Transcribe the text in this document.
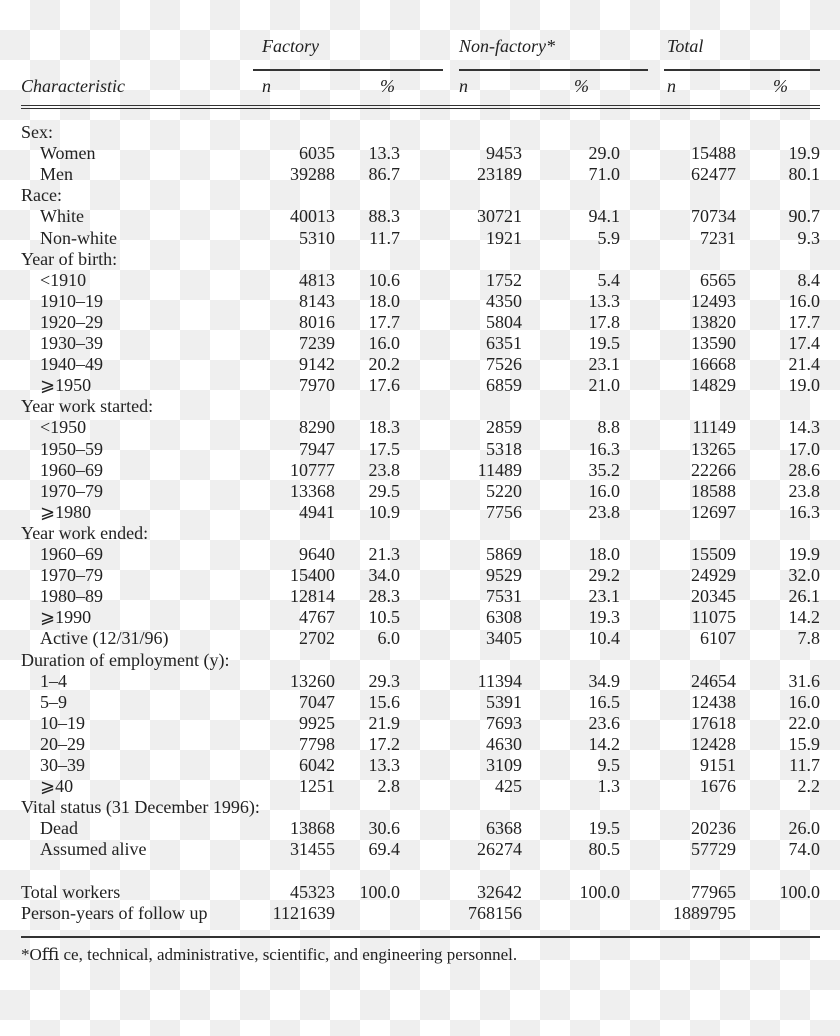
Factory	Non-factory*	Total
Characteristic	n	%	n	%	n	%
Sex:
Women	6035 13.3	9453	29.0	15488	19.9
Men	39288 86.7	23189	71.0	62477	80.1
Race:
White	40013 88.3	30721	94.1	70734	90.7
Non-white	5310 11.7	1921	5.9	7231	9.3
Year of birth:
<1910	4813 10.6	1752	5.4	6565	8.4
1910–19	8143 18.0	4350	13.3	12493	16.0
1920–29	8016 17.7	5804	17.8	13820	17.7
1930–39	7239 16.0	6351	19.5	13590	17.4
1940–49	9142 20.2	7526	23.1	16668	21.4
⩾1950	7970 17.6	6859	21.0	14829	19.0
Year work started:
<1950	8290 18.3	2859	8.8	11149	14.3
1950–59	7947 17.5	5318	16.3	13265	17.0
1960–69	10777 23.8	11489	35.2	22266	28.6
1970–79	13368 29.5	5220	16.0	18588	23.8
⩾1980	4941 10.9	7756	23.8	12697	16.3
Year work ended:
1960–69	9640 21.3	5869	18.0	15509	19.9
1970–79	15400 34.0	9529	29.2	24929	32.0
1980–89	12814 28.3	7531	23.1	20345	26.1
⩾1990	4767 10.5	6308	19.3	11075	14.2
Active (12/31/96)	2702 6.0	3405	10.4	6107	7.8
Duration of employment (y):
1–4	13260 29.3	11394	34.9	24654	31.6
5–9	7047 15.6	5391	16.5	12438	16.0
10–19	9925 21.9	7693	23.6	17618	22.0
20–29	7798 17.2	4630	14.2	12428	15.9
30–39	6042 13.3	3109	9.5	9151	11.7
⩾40	1251 2.8	425	1.3	1676	2.2
Vital status (31 December 1996):
Dead	13868 30.6	6368	19.5	20236	26.0
Assumed alive	31455 69.4	26274	80.5	57729	74.0
Total workers	45323 100.0	32642	100.0	77965 100.0
Person-years of follow up	1121639	768156	1889795
*Oﬃ ce, technical, administrative, scientific, and engineering personnel.
